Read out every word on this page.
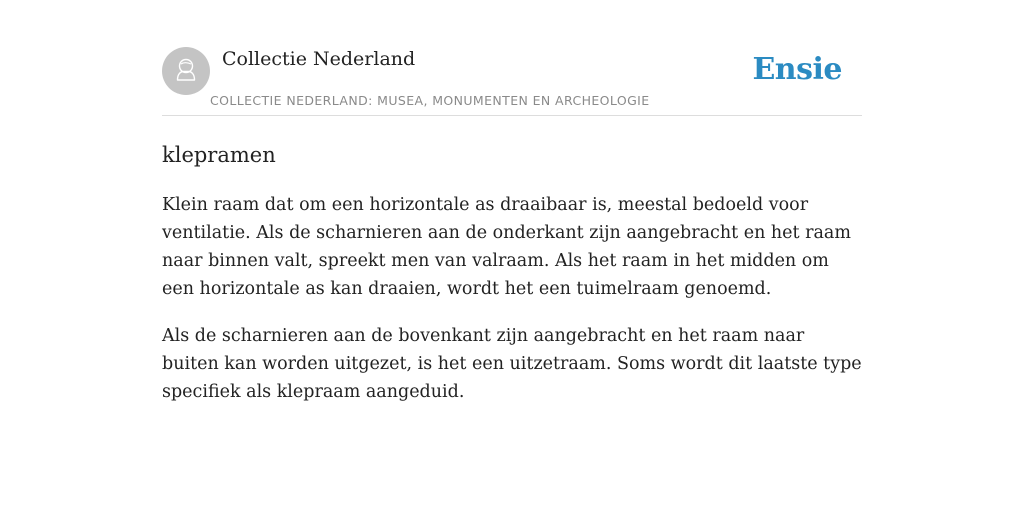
Collectie Nederland
COLLECTIE NEDERLAND: MUSEA, MONUMENTEN EN ARCHEOLOGIE
Ensie
klepramen

Klein raam dat om een horizontale as draaibaar is, meestal bedoeld voor ventilatie. Als de scharnieren aan de onderkant zijn aangebracht en het raam naar binnen valt, spreekt men van valraam. Als het raam in het midden om een horizontale as kan draaien, wordt het een tuimelraam genoemd.

Als de scharnieren aan de bovenkant zijn aangebracht en het raam naar buiten kan worden uitgezet, is het een uitzetraam. Soms wordt dit laatste type specifiek als klepraam aangeduid.
